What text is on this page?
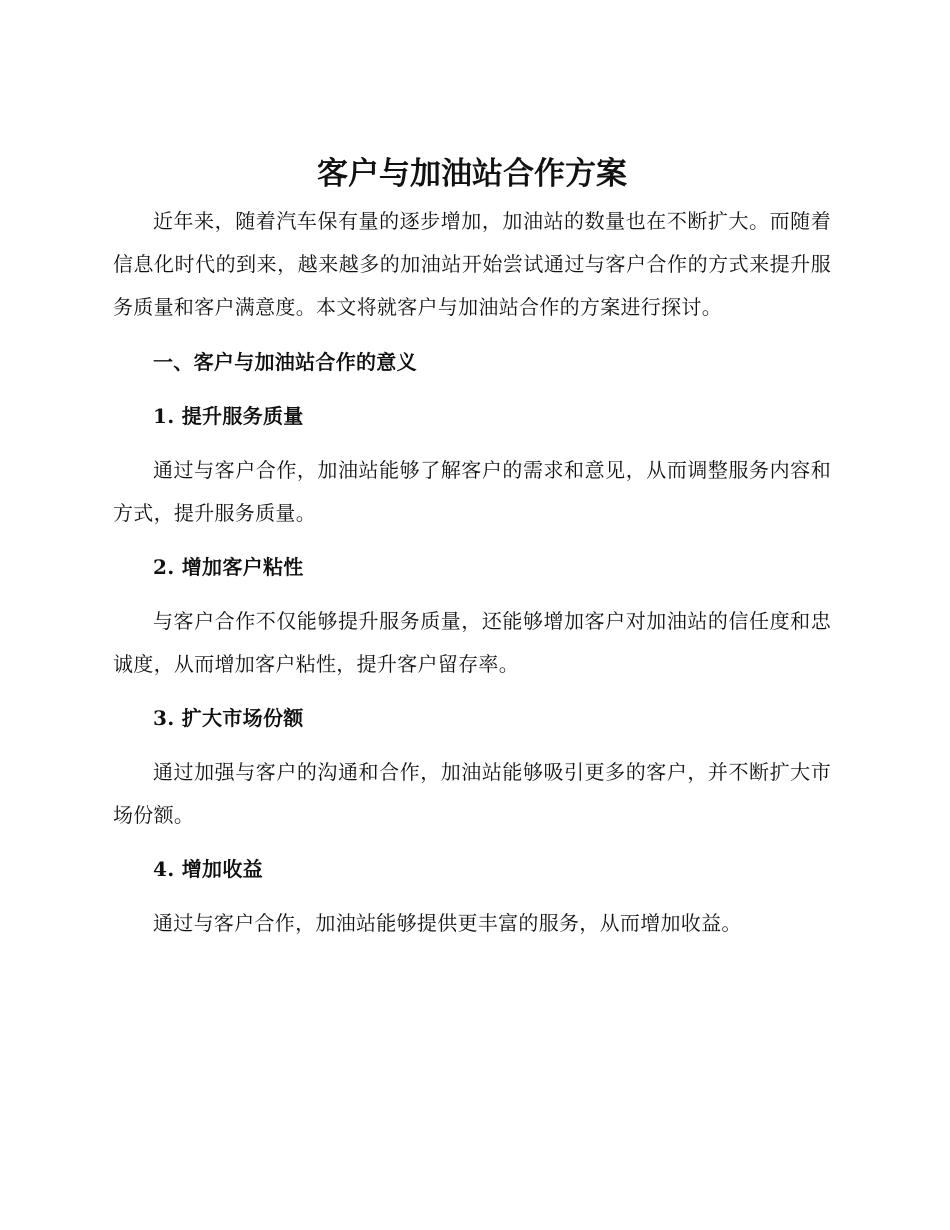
客户与加油站合作方案

近年来，随着汽车保有量的逐步增加，加油站的数量也在不断扩大。而随着信息化时代的到来，越来越多的加油站开始尝试通过与客户合作的方式来提升服务质量和客户满意度。本文将就客户与加油站合作的方案进行探讨。

一、客户与加油站合作的意义

1. 提升服务质量

通过与客户合作，加油站能够了解客户的需求和意见，从而调整服务内容和方式，提升服务质量。

2. 增加客户粘性

与客户合作不仅能够提升服务质量，还能够增加客户对加油站的信任度和忠诚度，从而增加客户粘性，提升客户留存率。

3. 扩大市场份额

通过加强与客户的沟通和合作，加油站能够吸引更多的客户，并不断扩大市场份额。

4. 增加收益

通过与客户合作，加油站能够提供更丰富的服务，从而增加收益。
